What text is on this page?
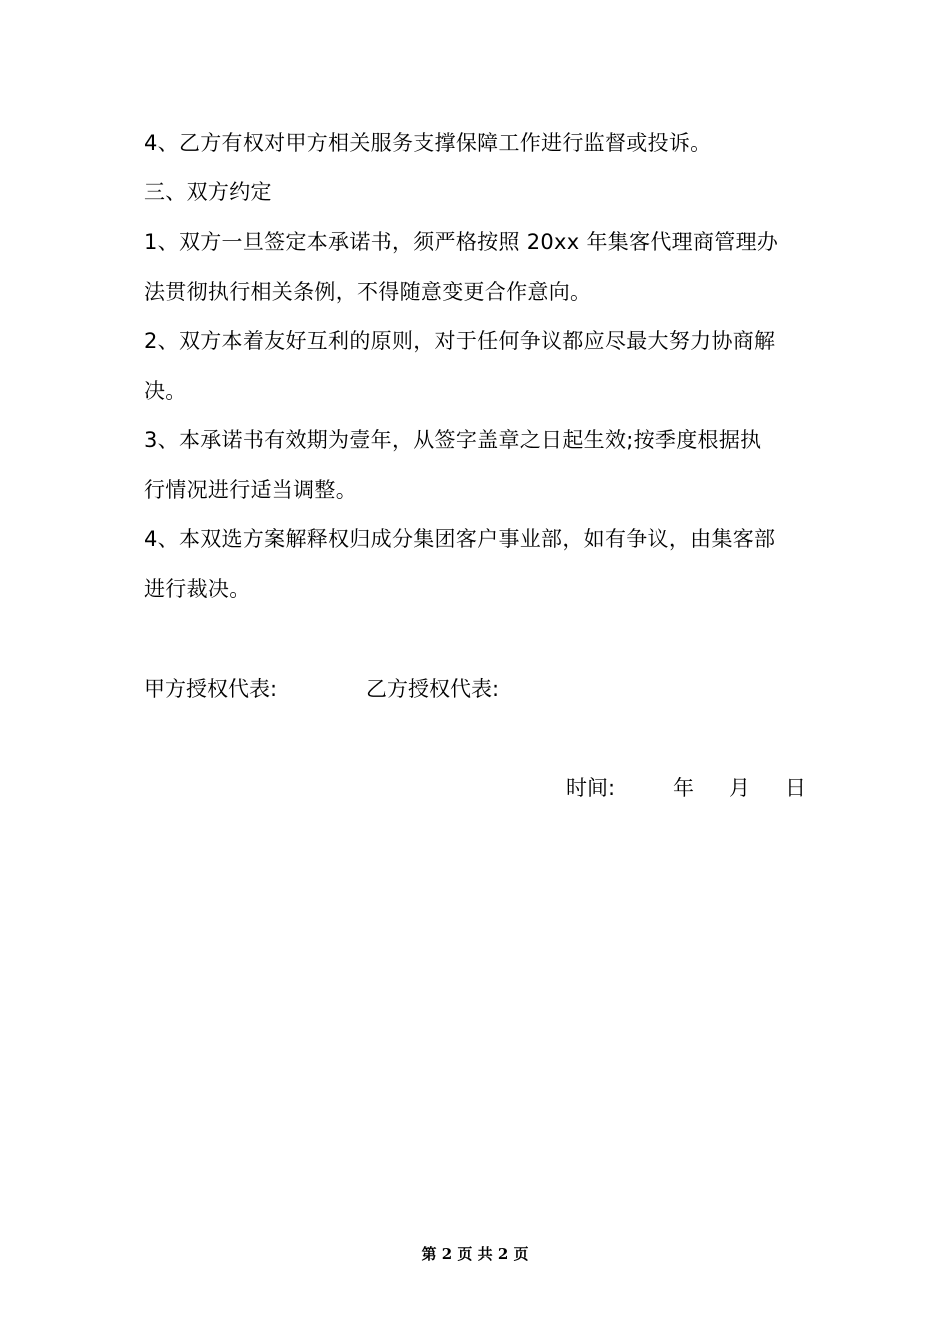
4、乙方有权对甲方相关服务支撑保障工作进行监督或投诉。
三、双方约定
1、双方一旦签定本承诺书，须严格按照 20xx 年集客代理商管理办
法贯彻执行相关条例，不得随意变更合作意向。
2、双方本着友好互利的原则，对于任何争议都应尽最大努力协商解
决。
3、本承诺书有效期为壹年，从签字盖章之日起生效;按季度根据执
行情况进行适当调整。
4、本双选方案解释权归成分集团客户事业部，如有争议，由集客部
进行裁决。
甲方授权代表:	乙方授权代表:
时间:	年 月 日
第 2 页 共 2 页
